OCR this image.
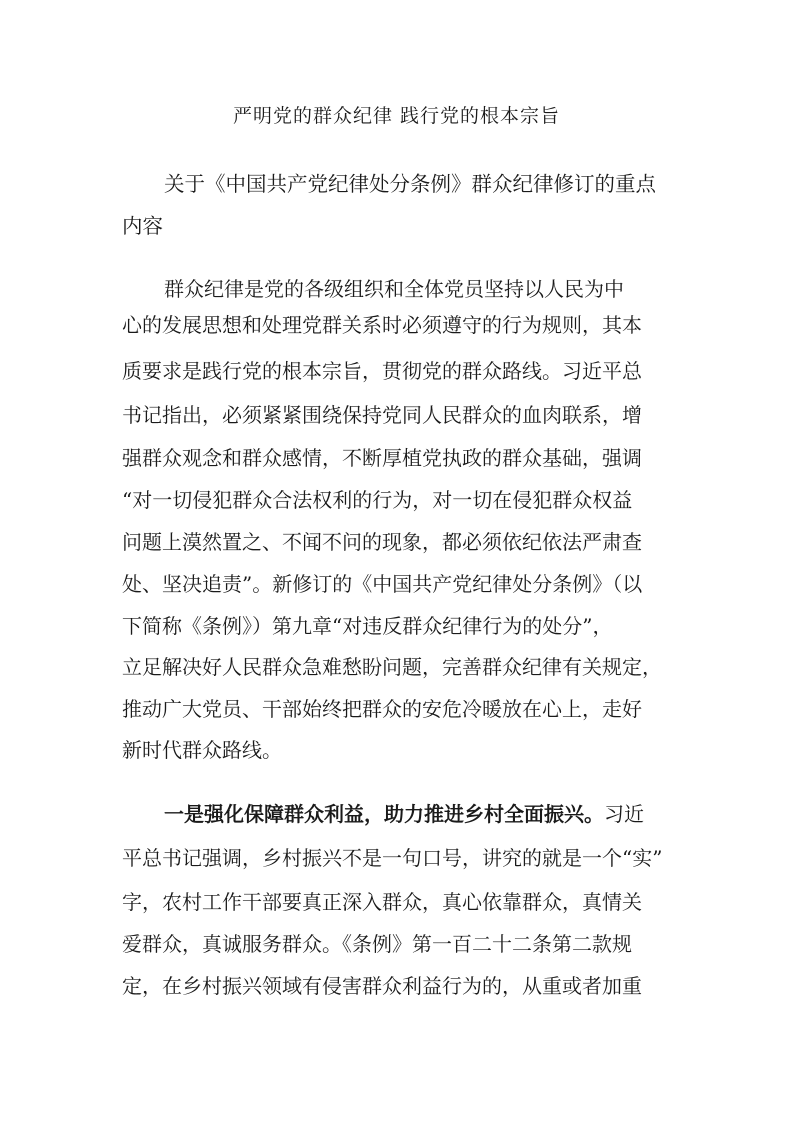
严明党的群众纪律 践行党的根本宗旨
关于《中国共产党纪律处分条例》群众纪律修订的重点
内容
群众纪律是党的各级组织和全体党员坚持以人民为中
心的发展思想和处理党群关系时必须遵守的行为规则，其本
质要求是践行党的根本宗旨，贯彻党的群众路线。习近平总
书记指出，必须紧紧围绕保持党同人民群众的血肉联系，增
强群众观念和群众感情，不断厚植党执政的群众基础，强调
“对一切侵犯群众合法权利的行为，对一切在侵犯群众权益
问题上漠然置之、不闻不问的现象，都必须依纪依法严肃查
处、坚决追责”。新修订的《中国共产党纪律处分条例》（以
下简称《条例》）第九章“对违反群众纪律行为的处分”，
立足解决好人民群众急难愁盼问题，完善群众纪律有关规定，
推动广大党员、干部始终把群众的安危冷暖放在心上，走好
新时代群众路线。
一是强化保障群众利益，助力推进乡村全面振兴。习近
平总书记强调，乡村振兴不是一句口号，讲究的就是一个“实”
字，农村工作干部要真正深入群众，真心依靠群众，真情关
爱群众，真诚服务群众。《条例》第一百二十二条第二款规
定，在乡村振兴领域有侵害群众利益行为的，从重或者加重
